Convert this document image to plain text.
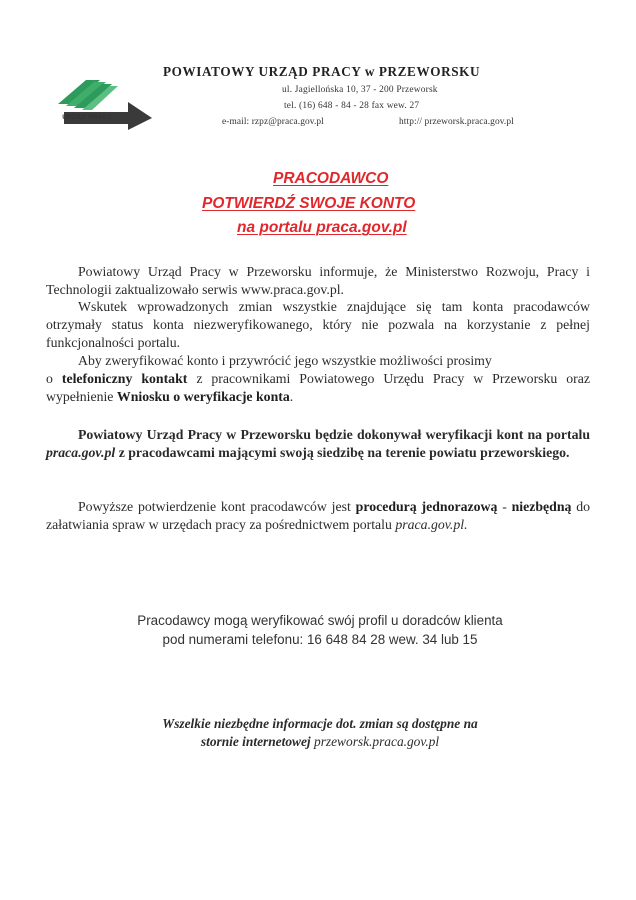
URZĄD PRACY
POWIATOWY URZĄD PRACY w PRZEWORSKU
ul. Jagiellońska 10, 37 - 200 Przeworsk
tel. (16) 648 - 84 - 28 fax wew. 27
e-mail: rzpz@praca.gov.pl	http:// przeworsk.praca.gov.pl
PRACODAWCO
POTWIERDŹ SWOJE KONTO
na portalu praca.gov.pl
Powiatowy Urząd Pracy w Przeworsku informuje, że Ministerstwo Rozwoju, Pracy i Technologii zaktualizowało serwis www.praca.gov.pl.
Wskutek wprowadzonych zmian wszystkie znajdujące się tam konta pracodawców otrzymały status konta niezweryfikowanego, który nie pozwala na korzystanie z pełnej funkcjonalności portalu.
Aby zweryfikować konto i przywrócić jego wszystkie możliwości prosimy
o telefoniczny kontakt z pracownikami Powiatowego Urzędu Pracy w Przeworsku oraz wypełnienie Wniosku o weryfikacje konta.
Powiatowy Urząd Pracy w Przeworsku będzie dokonywał weryfikacji kont na portalu praca.gov.pl z pracodawcami mającymi swoją siedzibę na terenie powiatu przeworskiego.
Powyższe potwierdzenie kont pracodawców jest procedurą jednorazową - niezbędną do załatwiania spraw w urzędach pracy za pośrednictwem portalu praca.gov.pl.
Pracodawcy mogą weryfikować swój profil u doradców klienta
pod numerami telefonu: 16 648 84 28 wew. 34 lub 15
Wszelkie niezbędne informacje dot. zmian są dostępne na
stornie internetowej przeworsk.praca.gov.pl
